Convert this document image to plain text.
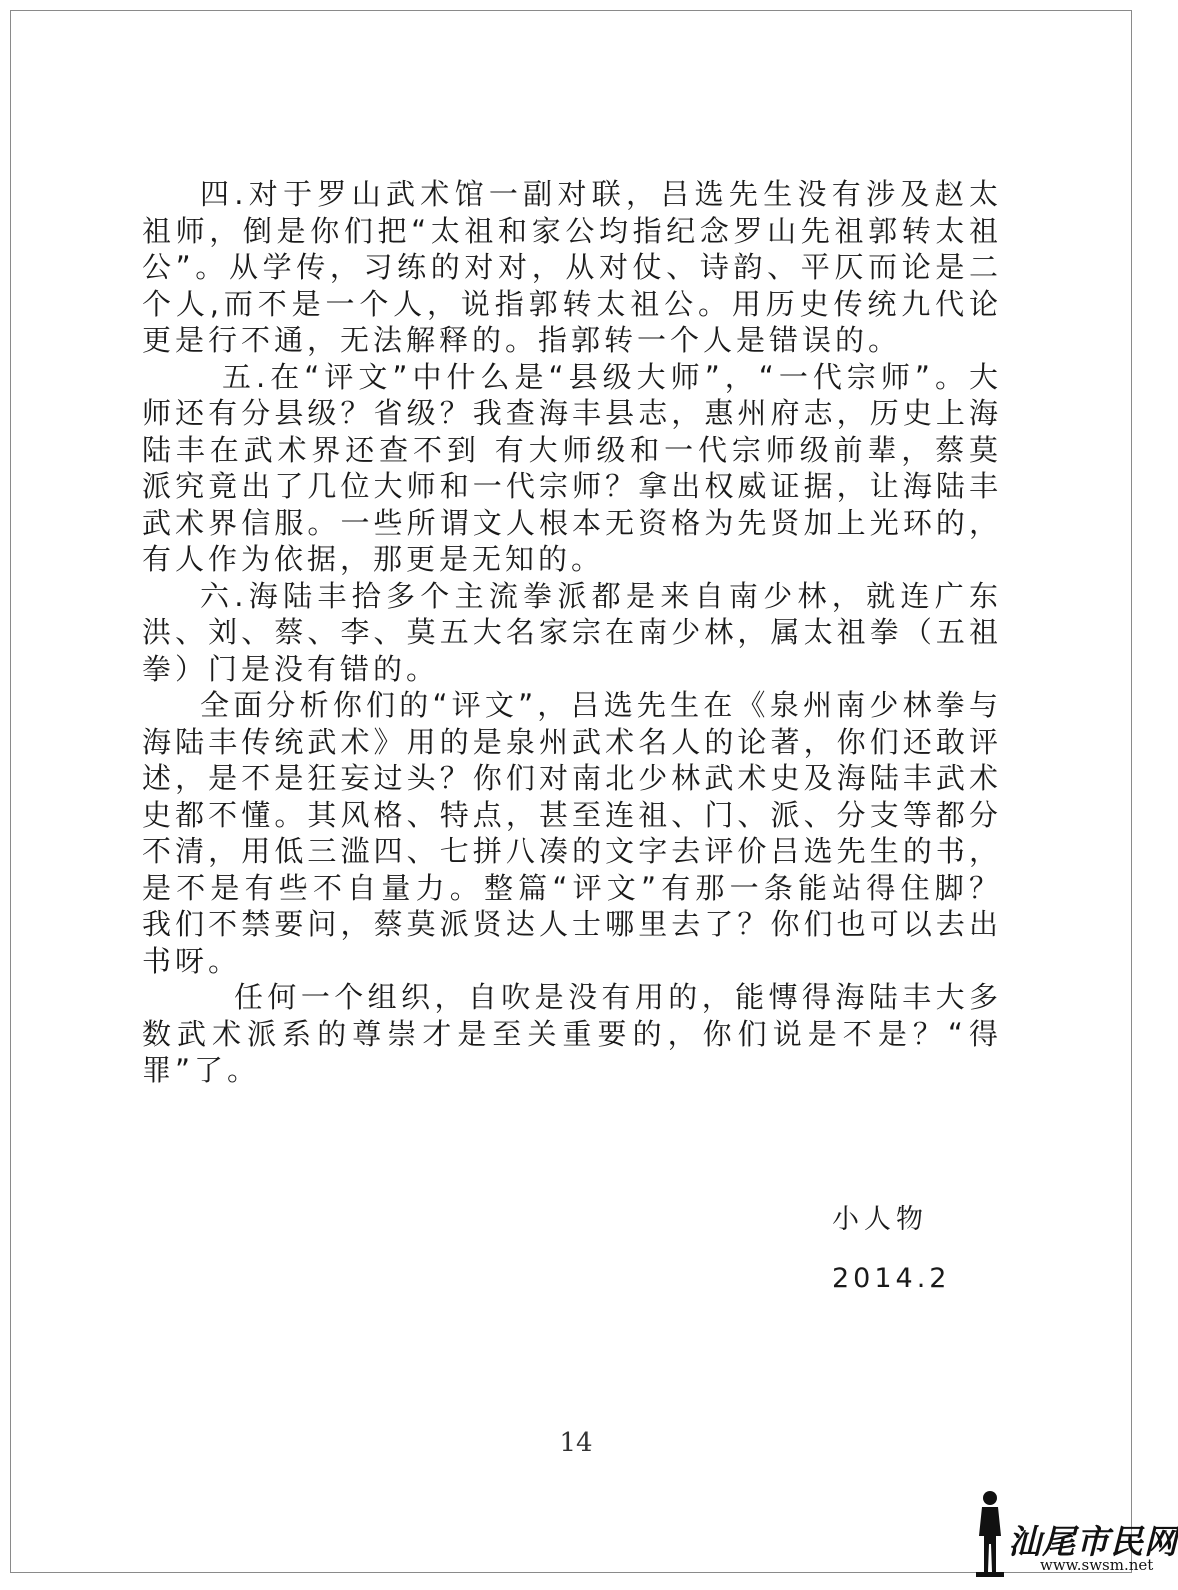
四.对于罗山武术馆一副对联，吕选先生没有涉及赵太祖师，倒是你们把“太祖和家公均指纪念罗山先祖郭转太祖公”。从学传，习练的对对，从对仗、诗韵、平仄而论是二个人,而不是一个人，说指郭转太祖公。用历史传统九代论更是行不通，无法解释的。指郭转一个人是错误的。

五.在“评文”中什么是“县级大师”，“一代宗师”。大师还有分县级？省级？我查海丰县志，惠州府志，历史上海陆丰在武术界还查不到 有大师级和一代宗师级前辈，蔡莫派究竟出了几位大师和一代宗师？拿出权威证据，让海陆丰武术界信服。一些所谓文人根本无资格为先贤加上光环的，有人作为依据，那更是无知的。

六.海陆丰拾多个主流拳派都是来自南少林，就连广东洪、刘、蔡、李、莫五大名家宗在南少林，属太祖拳（五祖拳）门是没有错的。

全面分析你们的“评文”，吕选先生在《泉州南少林拳与海陆丰传统武术》用的是泉州武术名人的论著，你们还敢评述，是不是狂妄过头？你们对南北少林武术史及海陆丰武术史都不懂。其风格、特点，甚至连祖、门、派、分支等都分不清，用低三滥四、七拼八凑的文字去评价吕选先生的书，是不是有些不自量力。整篇“评文”有那一条能站得住脚？我们不禁要问，蔡莫派贤达人士哪里去了？你们也可以去出书呀。

任何一个组织，自吹是没有用的，能慱得海陆丰大多数武术派系的尊崇才是至关重要的，你们说是不是？“得罪”了。

小人物
2014.2
14
汕尾市民网
www.swsm.net
